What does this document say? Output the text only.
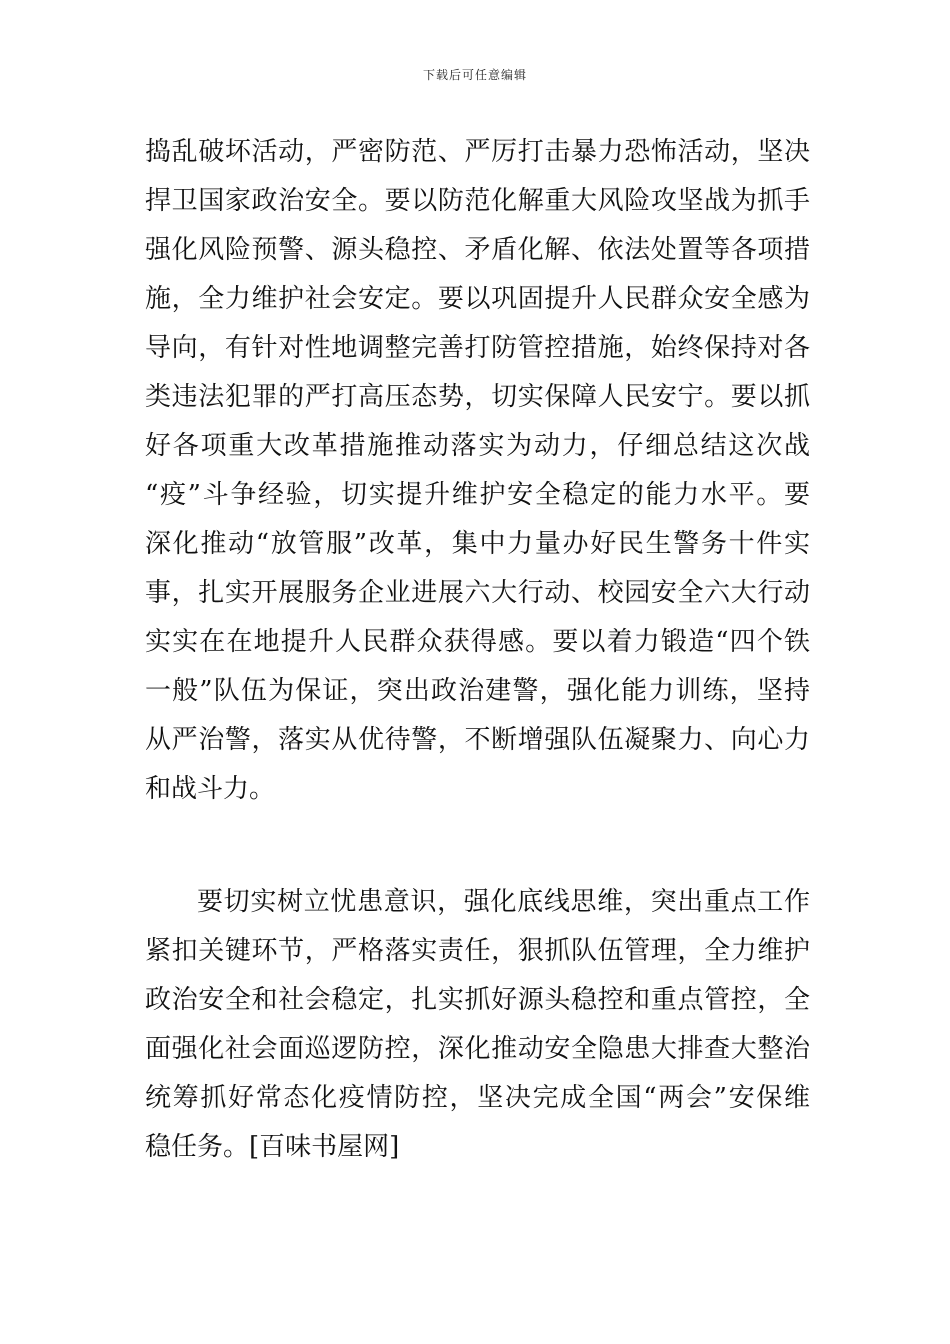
下载后可任意编辑
捣乱破坏活动，严密防范、严厉打击暴力恐怖活动，坚决
捍卫国家政治安全。要以防范化解重大风险攻坚战为抓手
强化风险预警、源头稳控、矛盾化解、依法处置等各项措
施，全力维护社会安定。要以巩固提升人民群众安全感为
导向，有针对性地调整完善打防管控措施，始终保持对各
类违法犯罪的严打高压态势，切实保障人民安宁。要以抓
好各项重大改革措施推动落实为动力，仔细总结这次战
“疫”斗争经验，切实提升维护安全稳定的能力水平。要
深化推动“放管服”改革，集中力量办好民生警务十件实
事，扎实开展服务企业进展六大行动、校园安全六大行动
实实在在地提升人民群众获得感。要以着力锻造“四个铁
一般”队伍为保证，突出政治建警，强化能力训练，坚持
从严治警，落实从优待警，不断增强队伍凝聚力、向心力
和战斗力。
要切实树立忧患意识，强化底线思维，突出重点工作
紧扣关键环节，严格落实责任，狠抓队伍管理，全力维护
政治安全和社会稳定，扎实抓好源头稳控和重点管控，全
面强化社会面巡逻防控，深化推动安全隐患大排查大整治
统筹抓好常态化疫情防控，坚决完成全国“两会”安保维
稳任务。[百味书屋网]
